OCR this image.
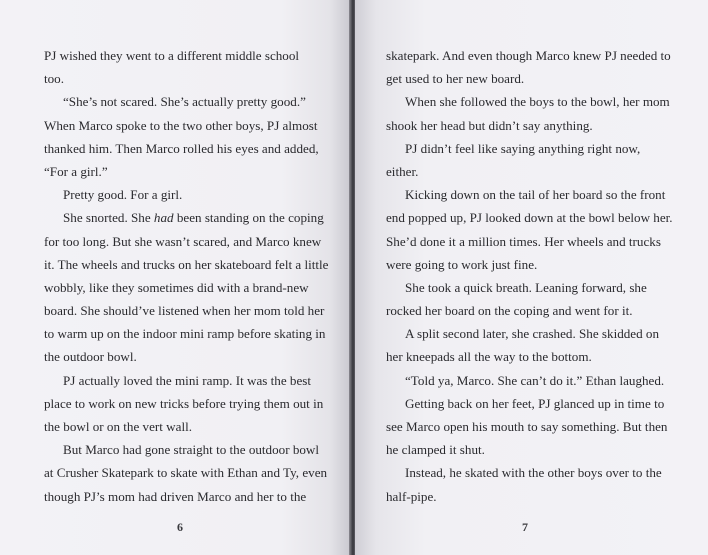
PJ wished they went to a different middle school
too.
“She’s not scared. She’s actually pretty good.”
When Marco spoke to the two other boys, PJ almost
thanked him. Then Marco rolled his eyes and added,
“For a girl.”
Pretty good. For a girl.
She snorted. She had been standing on the coping
for too long. But she wasn’t scared, and Marco knew
it. The wheels and trucks on her skateboard felt a little
wobbly, like they sometimes did with a brand-new
board. She should’ve listened when her mom told her
to warm up on the indoor mini ramp before skating in
the outdoor bowl.
PJ actually loved the mini ramp. It was the best
place to work on new tricks before trying them out in
the bowl or on the vert wall.
But Marco had gone straight to the outdoor bowl
at Crusher Skatepark to skate with Ethan and Ty, even
though PJ’s mom had driven Marco and her to the
6
skatepark. And even though Marco knew PJ needed to
get used to her new board.
When she followed the boys to the bowl, her mom
shook her head but didn’t say anything.
PJ didn’t feel like saying anything right now,
either.
Kicking down on the tail of her board so the front
end popped up, PJ looked down at the bowl below her.
She’d done it a million times. Her wheels and trucks
were going to work just fine.
She took a quick breath. Leaning forward, she
rocked her board on the coping and went for it.
A split second later, she crashed. She skidded on
her kneepads all the way to the bottom.
“Told ya, Marco. She can’t do it.” Ethan laughed.
Getting back on her feet, PJ glanced up in time to
see Marco open his mouth to say something. But then
he clamped it shut.
Instead, he skated with the other boys over to the
half-pipe.
7
